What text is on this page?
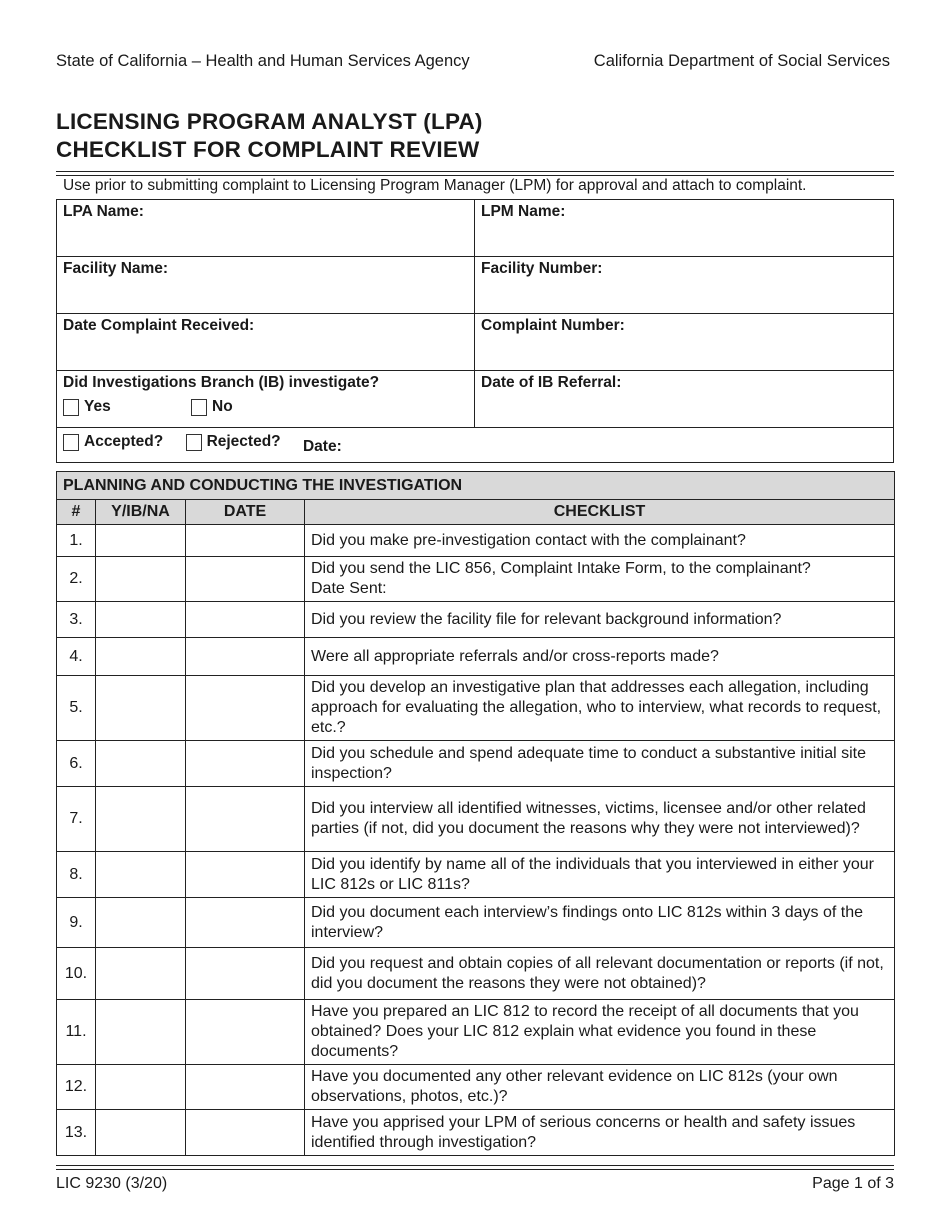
State of California – Health and Human Services Agency	California Department of Social Services
LICENSING PROGRAM ANALYST (LPA)
CHECKLIST FOR COMPLAINT REVIEW
Use prior to submitting complaint to Licensing Program Manager (LPM) for approval and attach to complaint.
LPA Name:	LPM Name:
Facility Name:	Facility Number:
Date Complaint Received:	Complaint Number:

Did Investigations Branch (IB) investigate?
Yes No	Date of IB Referral:

Accepted?
Rejected? Date:	
PLANNING AND CONDUCTING THE INVESTIGATION			
#	Y/IB/NA	DATE	CHECKLIST
1.			Did you make pre-investigation contact with the complainant?
2.			Did you send the LIC 856, Complaint Intake Form, to the complainant?
Date Sent:
3.			Did you review the facility file for relevant background information?
4.			Were all appropriate referrals and/or cross-reports made?
5.			Did you develop an investigative plan that addresses each allegation, including approach for evaluating the allegation, who to interview, what records to request, etc.?
6.			Did you schedule and spend adequate time to conduct a substantive initial site inspection?
7.			Did you interview all identified witnesses, victims, licensee and/or other related parties (if not, did you document the reasons why they were not interviewed)?
8.			Did you identify by name all of the individuals that you interviewed in either your LIC 812s or LIC 811s?
9.			Did you document each interview’s findings onto LIC 812s within 3 days of the interview?
10.			Did you request and obtain copies of all relevant documentation or reports (if not, did you document the reasons they were not obtained)?
11.			Have you prepared an LIC 812 to record the receipt of all documents that you obtained? Does your LIC 812 explain what evidence you found in these documents?
12.			Have you documented any other relevant evidence on LIC 812s (your own observations, photos, etc.)?
13.			Have you apprised your LPM of serious concerns or health and safety issues identified through investigation?
LIC 9230 (3/20)	Page 1 of 3
